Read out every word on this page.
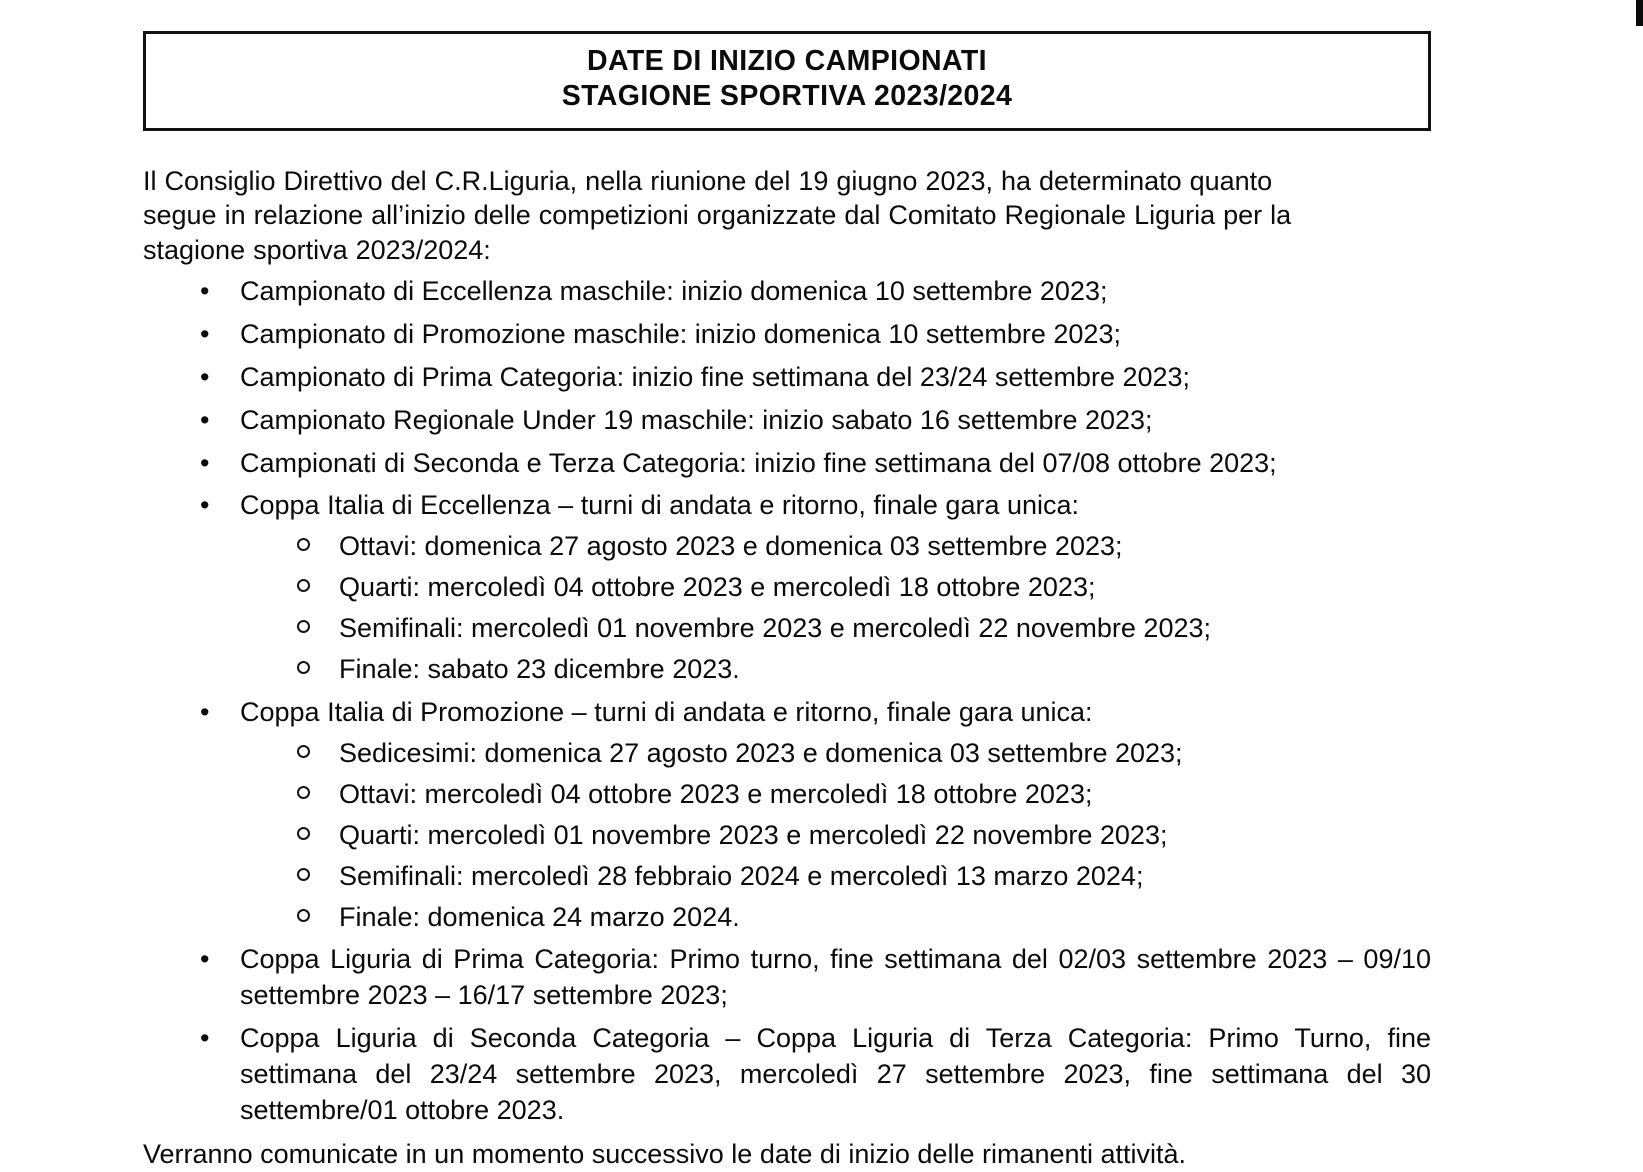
DATE DI INIZIO CAMPIONATI
STAGIONE SPORTIVA 2023/2024
Il Consiglio Direttivo del C.R.Liguria, nella riunione del 19 giugno 2023, ha determinato quanto
segue in relazione all’inizio delle competizioni organizzate dal Comitato Regionale Liguria per la
stagione sportiva 2023/2024:
• Campionato di Eccellenza maschile: inizio domenica 10 settembre 2023;
• Campionato di Promozione maschile: inizio domenica 10 settembre 2023;
• Campionato di Prima Categoria: inizio fine settimana del 23/24 settembre 2023;
• Campionato Regionale Under 19 maschile: inizio sabato 16 settembre 2023;
• Campionati di Seconda e Terza Categoria: inizio fine settimana del 07/08 ottobre 2023;
• Coppa Italia di Eccellenza – turni di andata e ritorno, finale gara unica:
Ottavi: domenica 27 agosto 2023 e domenica 03 settembre 2023;
Quarti: mercoledì 04 ottobre 2023 e mercoledì 18 ottobre 2023;
Semifinali: mercoledì 01 novembre 2023 e mercoledì 22 novembre 2023;
Finale: sabato 23 dicembre 2023.
• Coppa Italia di Promozione – turni di andata e ritorno, finale gara unica:
Sedicesimi: domenica 27 agosto 2023 e domenica 03 settembre 2023;
Ottavi: mercoledì 04 ottobre 2023 e mercoledì 18 ottobre 2023;
Quarti: mercoledì 01 novembre 2023 e mercoledì 22 novembre 2023;
Semifinali: mercoledì 28 febbraio 2024 e mercoledì 13 marzo 2024;
Finale: domenica 24 marzo 2024.
• Coppa Liguria di Prima Categoria: Primo turno, fine settimana del 02/03 settembre 2023 – 09/10 settembre 2023 – 16/17 settembre 2023;
• Coppa Liguria di Seconda Categoria – Coppa Liguria di Terza Categoria: Primo Turno, fine settimana del 23/24 settembre 2023, mercoledì 27 settembre 2023, fine settimana del 30 settembre/01 ottobre 2023.
Verranno comunicate in un momento successivo le date di inizio delle rimanenti attività.
